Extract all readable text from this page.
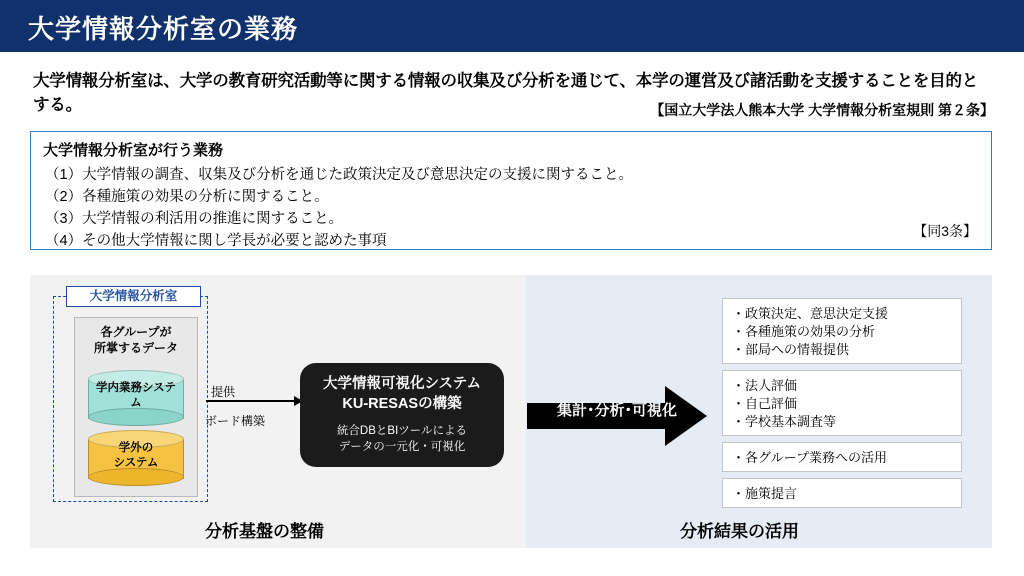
大学情報分析室の業務
大学情報分析室は、大学の教育研究活動等に関する情報の収集及び分析を通じて、本学の運営及び諸活動を支援することを目的とする。	【国立大学法人熊本大学 大学情報分析室規則 第２条】
大学情報分析室が行う業務
（1）大学情報の調査、収集及び分析を通じた政策決定及び意思決定の支援に関すること。
（2）各種施策の効果の分析に関すること。
（3）大学情報の利活用の推進に関すること。
（4）その他大学情報に関し学長が必要と認めた事項
【同3条】
大学情報分析室
各グループが
所掌するデータ
学内業務システ
ム
学外の
システム
提供
ボード構築
大学情報可視化システム
KU-RESASの構築
統合DBとBIツールによる
データの一元化・可視化
集計･分析･可視化
・政策決定、意思決定支援
・各種施策の効果の分析
・部局への情報提供
・法人評価
・自己評価
・学校基本調査等
・各グループ業務への活用
・施策提言
分析基盤の整備	分析結果の活用
